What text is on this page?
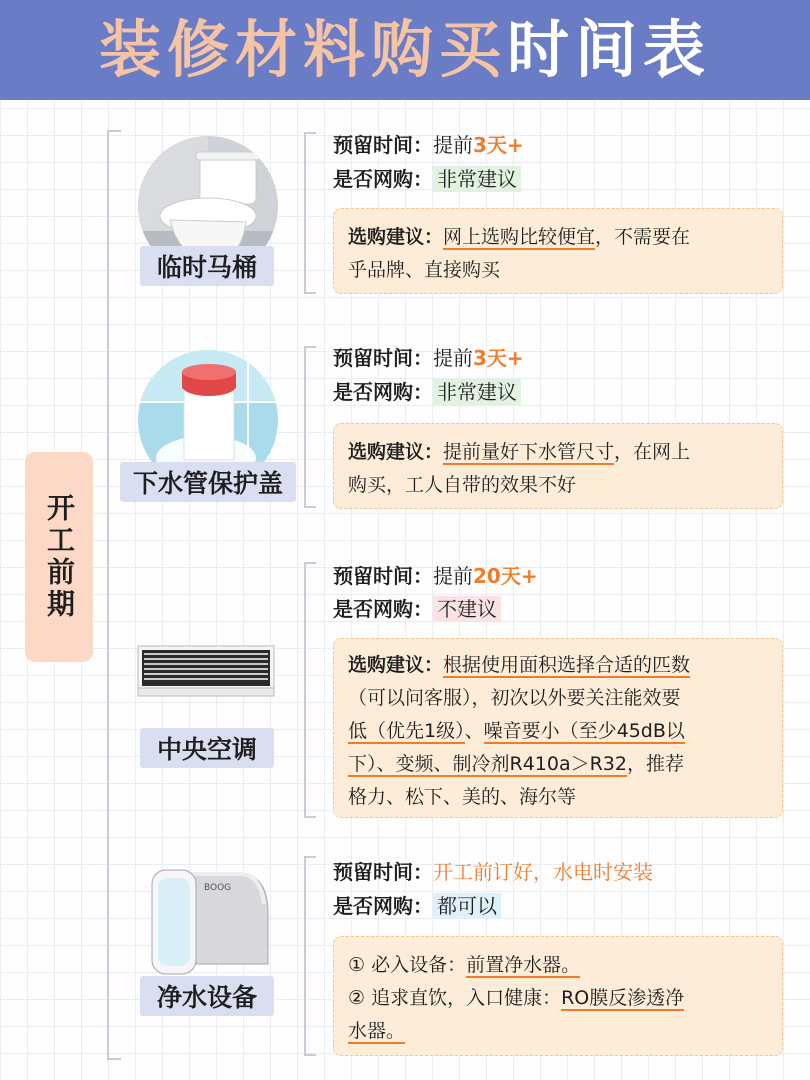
装修材料购买 时间表
开工前期
临时马桶
预留时间：提前3天+
是否网购： 非常建议
选购建议：网上选购比较便宜，不需要在
乎品牌、直接购买
下水管保护盖
预留时间：提前3天+
是否网购： 非常建议
选购建议：提前量好下水管尺寸，在网上
购买，工人自带的效果不好
中央空调
预留时间：提前20天+
是否网购： 不建议
选购建议：根据使用面积选择合适的匹数
（可以问客服），初次以外要关注能效要
低（优先1级）、噪音要小（至少45dB以
下）、变频、制冷剂R410a＞R32，推荐
格力、松下、美的、海尔等
BOOG
净水设备
预留时间：开工前订好，水电时安装
是否网购： 都可以
① 必入设备：前置净水器。
② 追求直饮，入口健康：RO膜反渗透净
水器。
